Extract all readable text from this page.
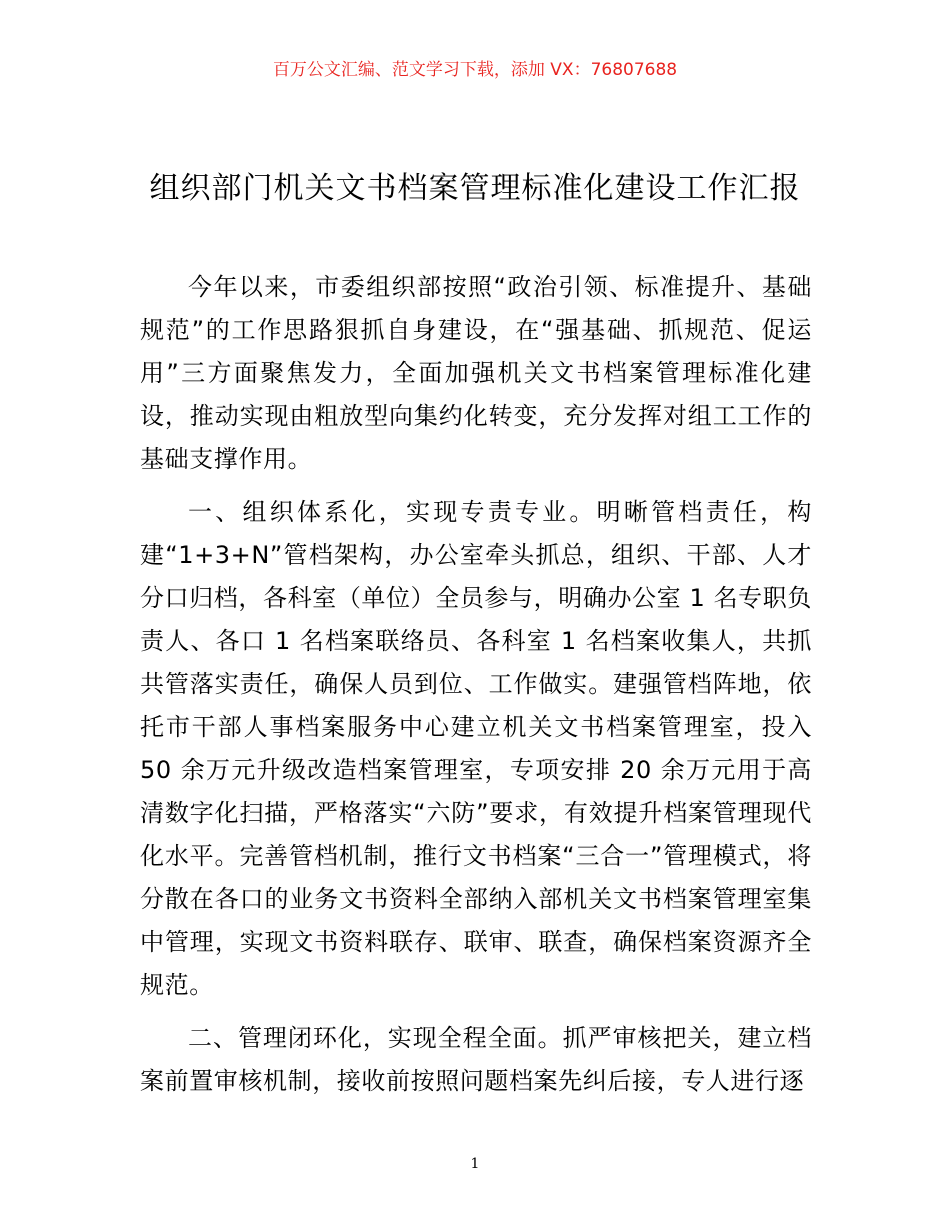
百万公文汇编、范文学习下载，添加 VX：76807688
组织部门机关文书档案管理标准化建设工作汇报

今年以来，市委组织部按照“政治引领、标准提升、基础规范”的工作思路狠抓自身建设，在“强基础、抓规范、促运用”三方面聚焦发力，全面加强机关文书档案管理标准化建设，推动实现由粗放型向集约化转变，充分发挥对组工工作的基础支撑作用。

一、组织体系化，实现专责专业。明晰管档责任，构建“1+3+N”管档架构，办公室牵头抓总，组织、干部、人才分口归档，各科室（单位）全员参与，明确办公室 1 名专职负责人、各口 1 名档案联络员、各科室 1 名档案收集人，共抓共管落实责任，确保人员到位、工作做实。建强管档阵地，依托市干部人事档案服务中心建立机关文书档案管理室，投入 50 余万元升级改造档案管理室，专项安排 20 余万元用于高清数字化扫描，严格落实“六防”要求，有效提升档案管理现代化水平。完善管档机制，推行文书档案“三合一”管理模式，将分散在各口的业务文书资料全部纳入部机关文书档案管理室集中管理，实现文书资料联存、联审、联查，确保档案资源齐全规范。

二、管理闭环化，实现全程全面。抓严审核把关，建立档案前置审核机制，接收前按照问题档案先纠后接，专人进行逐

1
